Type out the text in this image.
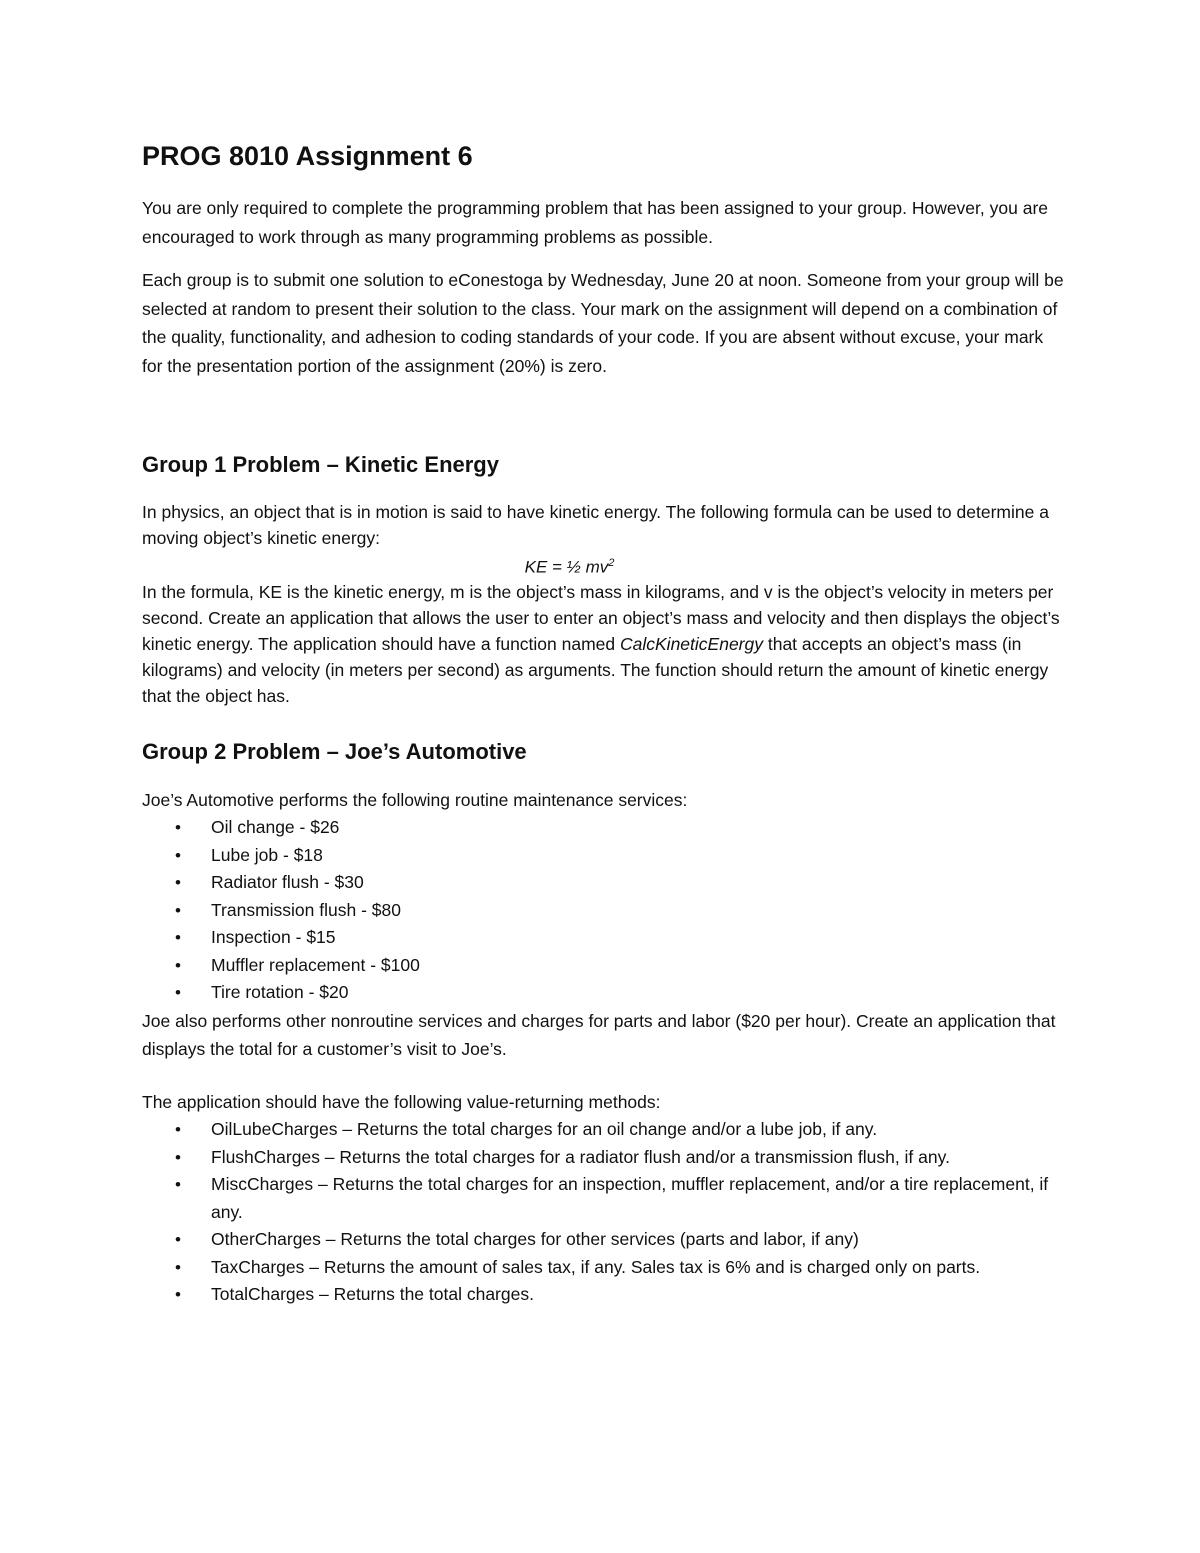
PROG 8010 Assignment 6

You are only required to complete the programming problem that has been assigned to your group. However, you are encouraged to work through as many programming problems as possible.

Each group is to submit one solution to eConestoga by Wednesday, June 20 at noon. Someone from your group will be selected at random to present their solution to the class. Your mark on the assignment will depend on a combination of the quality, functionality, and adhesion to coding standards of your code. If you are absent without excuse, your mark for the presentation portion of the assignment (20%) is zero.

Group 1 Problem – Kinetic Energy

In physics, an object that is in motion is said to have kinetic energy. The following formula can be used to determine a moving object’s kinetic energy:

KE = ½ $mv^2$

In the formula, KE is the kinetic energy, m is the object’s mass in kilograms, and v is the object’s velocity in meters per second. Create an application that allows the user to enter an object’s mass and velocity and then displays the object’s kinetic energy. The application should have a function named CalcKineticEnergy that accepts an object’s mass (in kilograms) and velocity (in meters per second) as arguments. The function should return the amount of kinetic energy that the object has.

Group 2 Problem – Joe’s Automotive

Joe’s Automotive performs the following routine maintenance services:

• Oil change - $26
• Lube job - $18
• Radiator flush - $30
• Transmission flush - $80
• Inspection - $15
• Muffler replacement - $100
• Tire rotation - $20

Joe also performs other nonroutine services and charges for parts and labor ($20 per hour). Create an application that displays the total for a customer’s visit to Joe’s.

The application should have the following value-returning methods:

• OilLubeCharges – Returns the total charges for an oil change and/or a lube job, if any.
• FlushCharges – Returns the total charges for a radiator flush and/or a transmission flush, if any.
• MiscCharges – Returns the total charges for an inspection, muffler replacement, and/or a tire replacement, if any.
• OtherCharges – Returns the total charges for other services (parts and labor, if any)
• TaxCharges – Returns the amount of sales tax, if any. Sales tax is 6% and is charged only on parts.
• TotalCharges – Returns the total charges.
